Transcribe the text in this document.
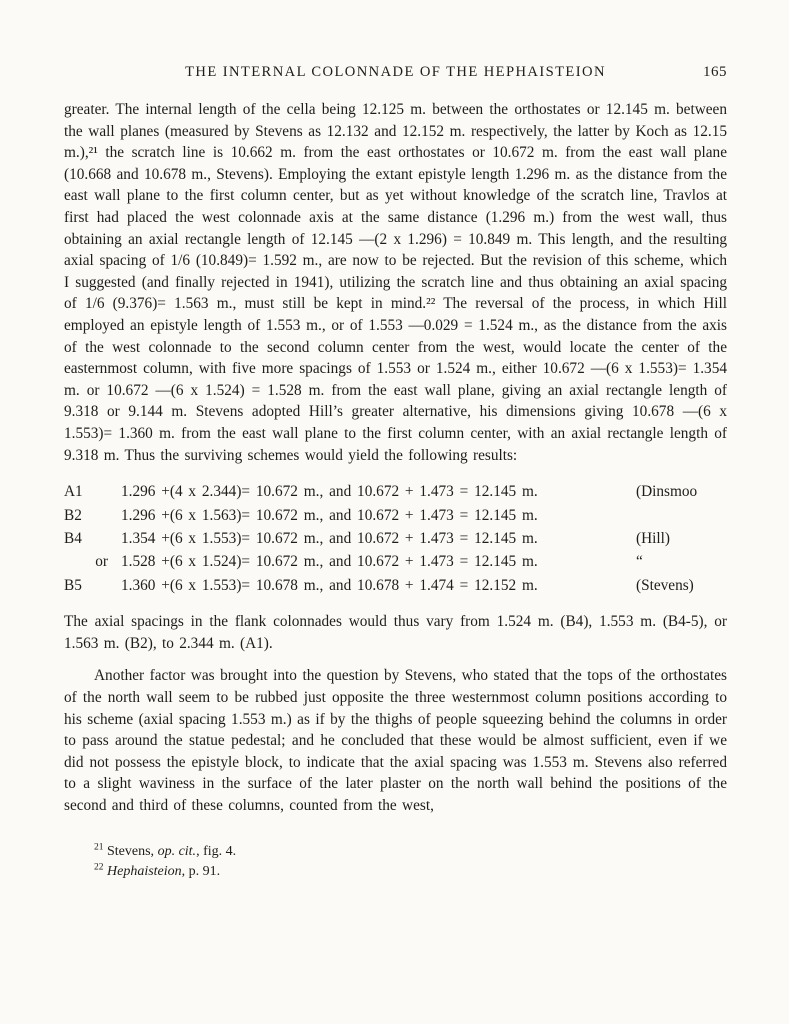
THE INTERNAL COLONNADE OF THE HEPHAISTEION	165

greater. The internal length of the cella being 12.125 m. between the orthostates or 12.145 m. between the wall planes (measured by Stevens as 12.132 and 12.152 m. respectively, the latter by Koch as 12.15 m.),²¹ the scratch line is 10.662 m. from the east orthostates or 10.672 m. from the east wall plane (10.668 and 10.678 m., Stevens). Employing the extant epistyle length 1.296 m. as the distance from the east wall plane to the first column center, but as yet without knowledge of the scratch line, Travlos at first had placed the west colonnade axis at the same distance (1.296 m.) from the west wall, thus obtaining an axial rectangle length of 12.145 —(2 x 1.296) = 10.849 m. This length, and the resulting axial spacing of 1/6 (10.849)= 1.592 m., are now to be rejected. But the revision of this scheme, which I suggested (and finally rejected in 1941), utilizing the scratch line and thus obtaining an axial spacing of 1/6 (9.376)= 1.563 m., must still be kept in mind.²² The reversal of the process, in which Hill employed an epistyle length of 1.553 m., or of 1.553 —0.029 = 1.524 m., as the distance from the axis of the west colonnade to the second column center from the west, would locate the center of the easternmost column, with five more spacings of 1.553 or 1.524 m., either 10.672 —(6 x 1.553)= 1.354 m. or 10.672 —(6 x 1.524) = 1.528 m. from the east wall plane, giving an axial rectangle length of 9.318 or 9.144 m. Stevens adopted Hill’s greater alternative, his dimensions giving 10.678 —(6 x 1.553)= 1.360 m. from the east wall plane to the first column center, with an axial rectangle length of 9.318 m. Thus the surviving schemes would yield the following results:

A1	1.296 +(4 x 2.344)= 10.672 m., and 10.672 + 1.473 = 12.145 m.	(Dinsmoo
B2	1.296 +(6 x 1.563)= 10.672 m., and 10.672 + 1.473 = 12.145 m.
B4	1.354 +(6 x 1.553)= 10.672 m., and 10.672 + 1.473 = 12.145 m.	(Hill)
or 1.528 +(6 x 1.524)= 10.672 m., and 10.672 + 1.473 = 12.145 m.	“
B5	1.360 +(6 x 1.553)= 10.678 m., and 10.678 + 1.474 = 12.152 m.	(Stevens)

The axial spacings in the flank colonnades would thus vary from 1.524 m. (B4), 1.553 m. (B4-5), or 1.563 m. (B2), to 2.344 m. (A1).

Another factor was brought into the question by Stevens, who stated that the tops of the orthostates of the north wall seem to be rubbed just opposite the three westernmost column positions according to his scheme (axial spacing 1.553 m.) as if by the thighs of people squeezing behind the columns in order to pass around the statue pedestal; and he concluded that these would be almost sufficient, even if we did not possess the epistyle block, to indicate that the axial spacing was 1.553 m. Stevens also referred to a slight waviness in the surface of the later plaster on the north wall behind the positions of the second and third of these columns, counted from the west,

$^{21}$ Stevens, op. cit., fig. 4.
$^{22}$ Hephaisteion, p. 91.
